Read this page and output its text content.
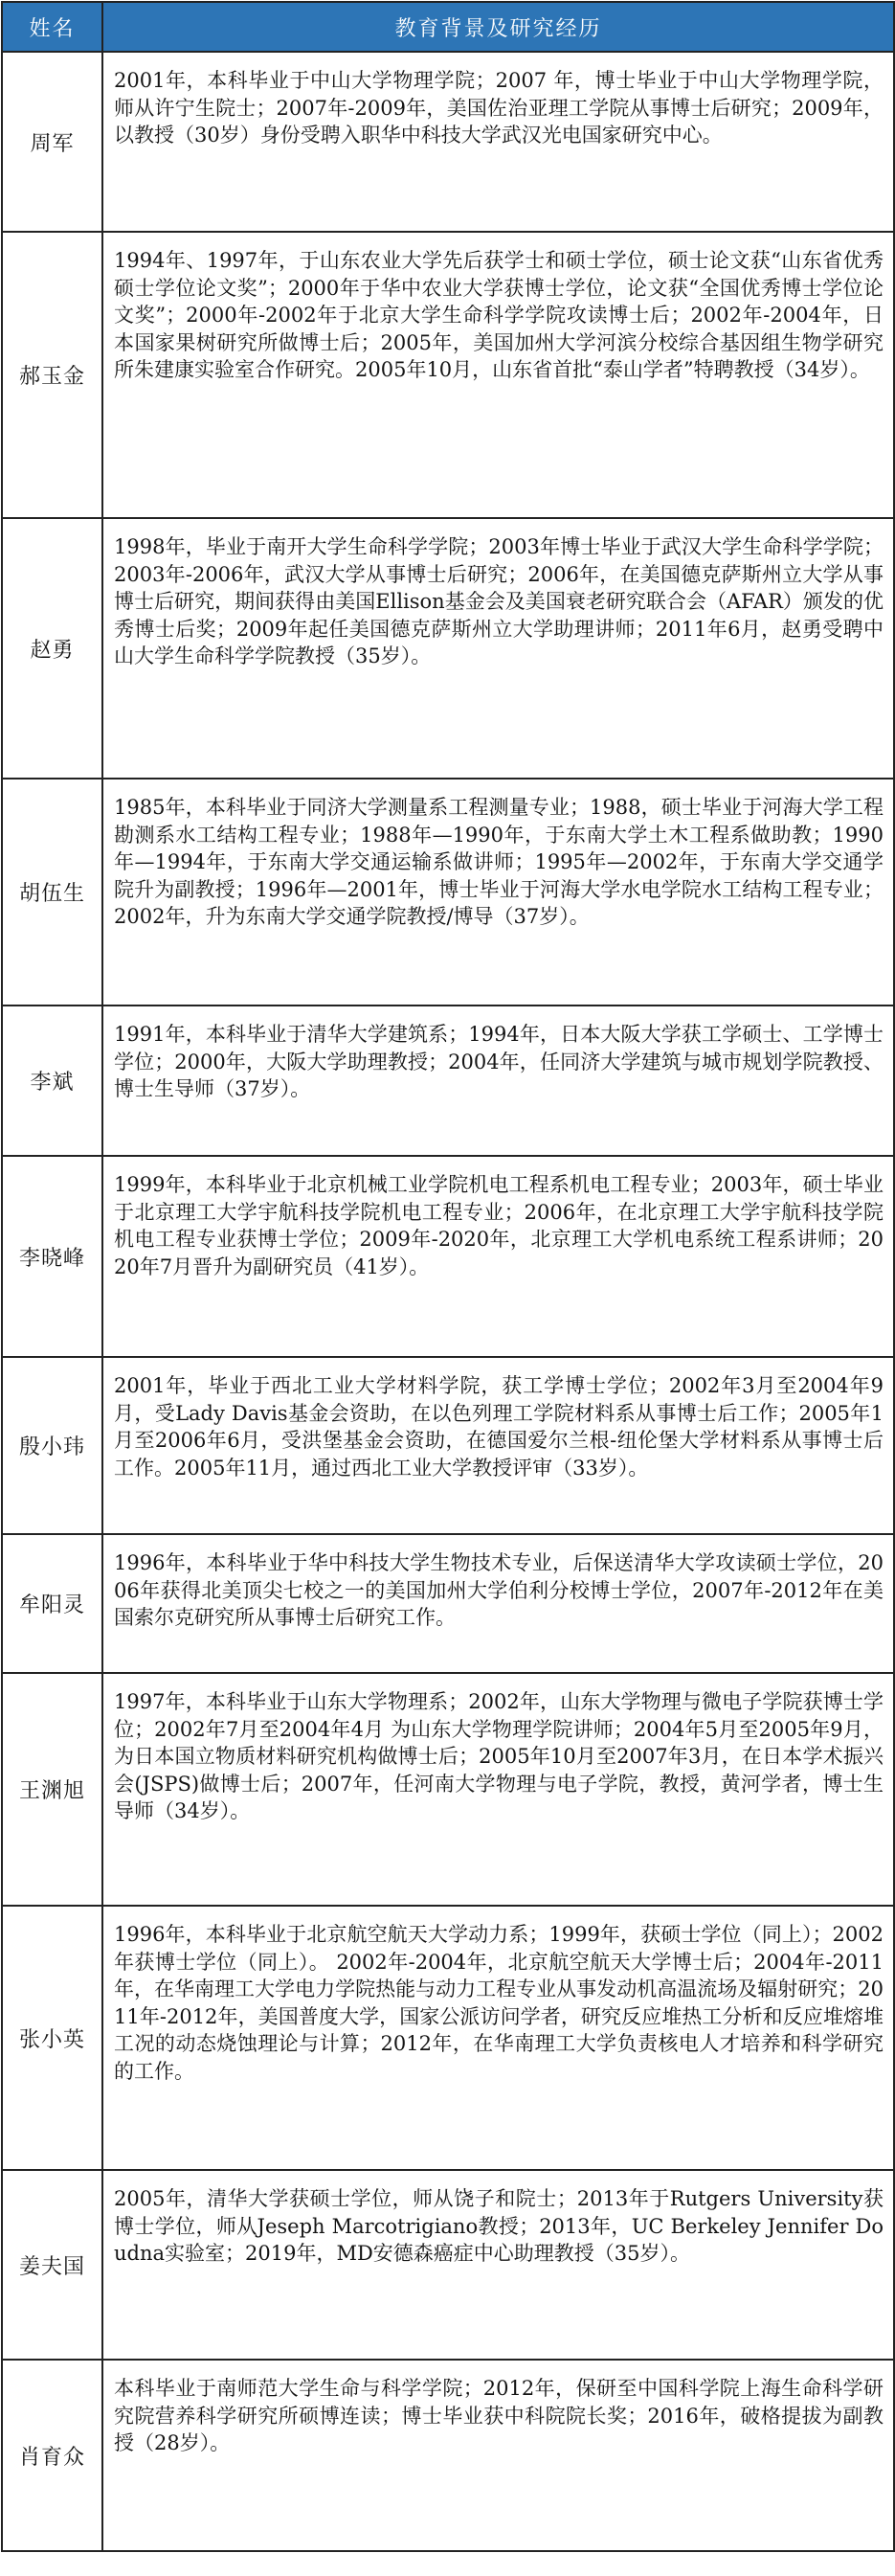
姓名	教育背景及研究经历
周军	2001年，本科毕业于中山大学物理学院；2007 年，博士毕业于中山大学物理学院，师从许宁生院士；2007年-2009年，美国佐治亚理工学院从事博士后研究；2009年，以教授（30岁）身份受聘入职华中科技大学武汉光电国家研究中心。
郝玉金	1994年、1997年，于山东农业大学先后获学士和硕士学位，硕士论文获“山东省优秀硕士学位论文奖”；2000年于华中农业大学获博士学位，论文获“全国优秀博士学位论文奖”；2000年-2002年于北京大学生命科学学院攻读博士后；2002年-2004年，日本国家果树研究所做博士后；2005年，美国加州大学河滨分校综合基因组生物学研究所朱建康实验室合作研究。2005年10月，山东省首批“泰山学者”特聘教授（34岁）。
赵勇	1998年，毕业于南开大学生命科学学院；2003年博士毕业于武汉大学生命科学学院；2003年-2006年，武汉大学从事博士后研究；2006年，在美国德克萨斯州立大学从事博士后研究，期间获得由美国Ellison基金会及美国衰老研究联合会（AFAR）颁发的优秀博士后奖；2009年起任美国德克萨斯州立大学助理讲师；2011年6月，赵勇受聘中山大学生命科学学院教授（35岁）。
胡伍生	1985年，本科毕业于同济大学测量系工程测量专业；1988，硕士毕业于河海大学工程勘测系水工结构工程专业；1988年—1990年，于东南大学土木工程系做助教；1990年—1994年，于东南大学交通运输系做讲师；1995年—2002年，于东南大学交通学院升为副教授；1996年—2001年，博士毕业于河海大学水电学院水工结构工程专业；2002年，升为东南大学交通学院教授/博导（37岁）。
李斌	1991年，本科毕业于清华大学建筑系；1994年，日本大阪大学获工学硕士、工学博士学位；2000年，大阪大学助理教授；2004年，任同济大学建筑与城市规划学院教授、博士生导师（37岁）。
李晓峰	1999年，本科毕业于北京机械工业学院机电工程系机电工程专业；2003年，硕士毕业于北京理工大学宇航科技学院机电工程专业；2006年，在北京理工大学宇航科技学院机电工程专业获博士学位；2009年-2020年，北京理工大学机电系统工程系讲师；2020年7月晋升为副研究员（41岁）。
殷小玮	2001年，毕业于西北工业大学材料学院，获工学博士学位；2002年3月至2004年9月，受Lady Davis基金会资助，在以色列理工学院材料系从事博士后工作；2005年1月至2006年6月，受洪堡基金会资助，在德国爱尔兰根-纽伦堡大学材料系从事博士后工作。2005年11月，通过西北工业大学教授评审（33岁）。
牟阳灵	1996年，本科毕业于华中科技大学生物技术专业，后保送清华大学攻读硕士学位，2006年获得北美顶尖七校之一的美国加州大学伯利分校博士学位，2007年-2012年在美国索尔克研究所从事博士后研究工作。
王渊旭	1997年，本科毕业于山东大学物理系；2002年，山东大学物理与微电子学院获博士学位；2002年7月至2004年4月 为山东大学物理学院讲师；2004年5月至2005年9月，为日本国立物质材料研究机构做博士后；2005年10月至2007年3月，在日本学术振兴会(JSPS)做博士后；2007年，任河南大学物理与电子学院，教授，黄河学者，博士生导师（34岁）。
张小英	1996年，本科毕业于北京航空航天大学动力系；1999年，获硕士学位（同上）；2002年获博士学位（同上）。 2002年-2004年，北京航空航天大学博士后；2004年-2011年，在华南理工大学电力学院热能与动力工程专业从事发动机高温流场及辐射研究；2011年-2012年，美国普度大学，国家公派访问学者，研究反应堆热工分析和反应堆熔堆工况的动态烧蚀理论与计算；2012年，在华南理工大学负责核电人才培养和科学研究的工作。
姜夫国	2005年，清华大学获硕士学位，师从饶子和院士；2013年于Rutgers University获博士学位，师从Jeseph Marcotrigiano教授；2013年，UC Berkeley Jennifer Doudna实验室；2019年，MD安德森癌症中心助理教授（35岁）。
肖育众	本科毕业于南师范大学生命与科学学院；2012年，保研至中国科学院上海生命科学研究院营养科学研究所硕博连读；博士毕业获中科院院长奖；2016年，破格提拔为副教授（28岁）。
